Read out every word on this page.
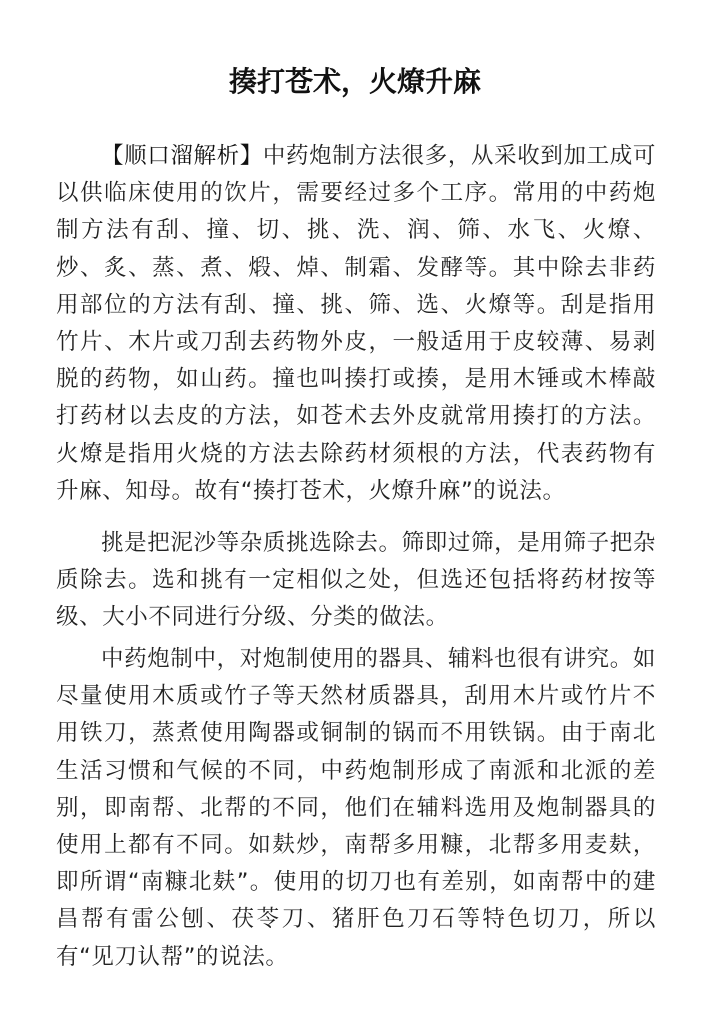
揍打苍术，火燎升麻

【顺口溜解析】中药炮制方法很多，从采收到加工成可以供临床使用的饮片，需要经过多个工序。常用的中药炮制方法有刮、撞、切、挑、洗、润、筛、水飞、火燎、炒、炙、蒸、煮、煅、焯、制霜、发酵等。其中除去非药用部位的方法有刮、撞、挑、筛、选、火燎等。刮是指用竹片、木片或刀刮去药物外皮，一般适用于皮较薄、易剥脱的药物，如山药。撞也叫揍打或揍，是用木锤或木棒敲打药材以去皮的方法，如苍术去外皮就常用揍打的方法。火燎是指用火烧的方法去除药材须根的方法，代表药物有升麻、知母。故有“揍打苍术，火燎升麻”的说法。

挑是把泥沙等杂质挑选除去。筛即过筛，是用筛子把杂质除去。选和挑有一定相似之处，但选还包括将药材按等级、大小不同进行分级、分类的做法。

中药炮制中，对炮制使用的器具、辅料也很有讲究。如尽量使用木质或竹子等天然材质器具，刮用木片或竹片不用铁刀，蒸煮使用陶器或铜制的锅而不用铁锅。由于南北生活习惯和气候的不同，中药炮制形成了南派和北派的差别，即南帮、北帮的不同，他们在辅料选用及炮制器具的使用上都有不同。如麸炒，南帮多用糠，北帮多用麦麸，即所谓“南糠北麸”。使用的切刀也有差别，如南帮中的建昌帮有雷公刨、茯苓刀、猪肝色刀石等特色切刀，所以有“见刀认帮”的说法。
